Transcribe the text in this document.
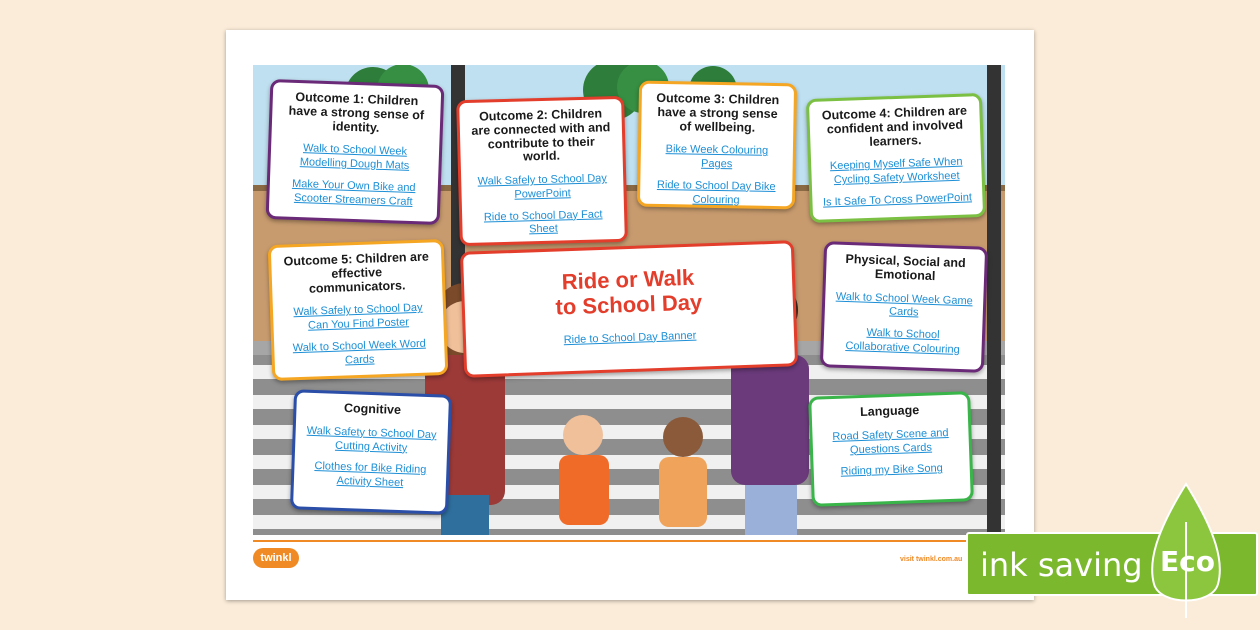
Outcome 1: Children have a strong sense of identity.
Walk to School Week Modelling Dough Mats
Make Your Own Bike and Scooter Streamers Craft
Outcome 2: Children are connected with and contribute to their world.
Walk Safely to School Day PowerPoint
Ride to School Day Fact Sheet
Outcome 3: Children have a strong sense of wellbeing.
Bike Week Colouring Pages
Ride to School Day Bike Colouring
Outcome 4: Children are confident and involved learners.
Keeping Myself Safe When Cycling Safety Worksheet
Is It Safe To Cross PowerPoint
Outcome 5: Children are effective communicators.
Walk Safely to School Day Can You Find Poster
Walk to School Week Word Cards
Physical, Social and Emotional
Walk to School Week Game Cards
Walk to School Collaborative Colouring
Cognitive
Walk Safety to School Day Cutting Activity
Clothes for Bike Riding Activity Sheet
Language
Road Safety Scene and Questions Cards
Riding my Bike Song
Ride or Walk
to School Day
Ride to School Day Banner
twinkl	visit twinkl.com.au ink saving Eco
